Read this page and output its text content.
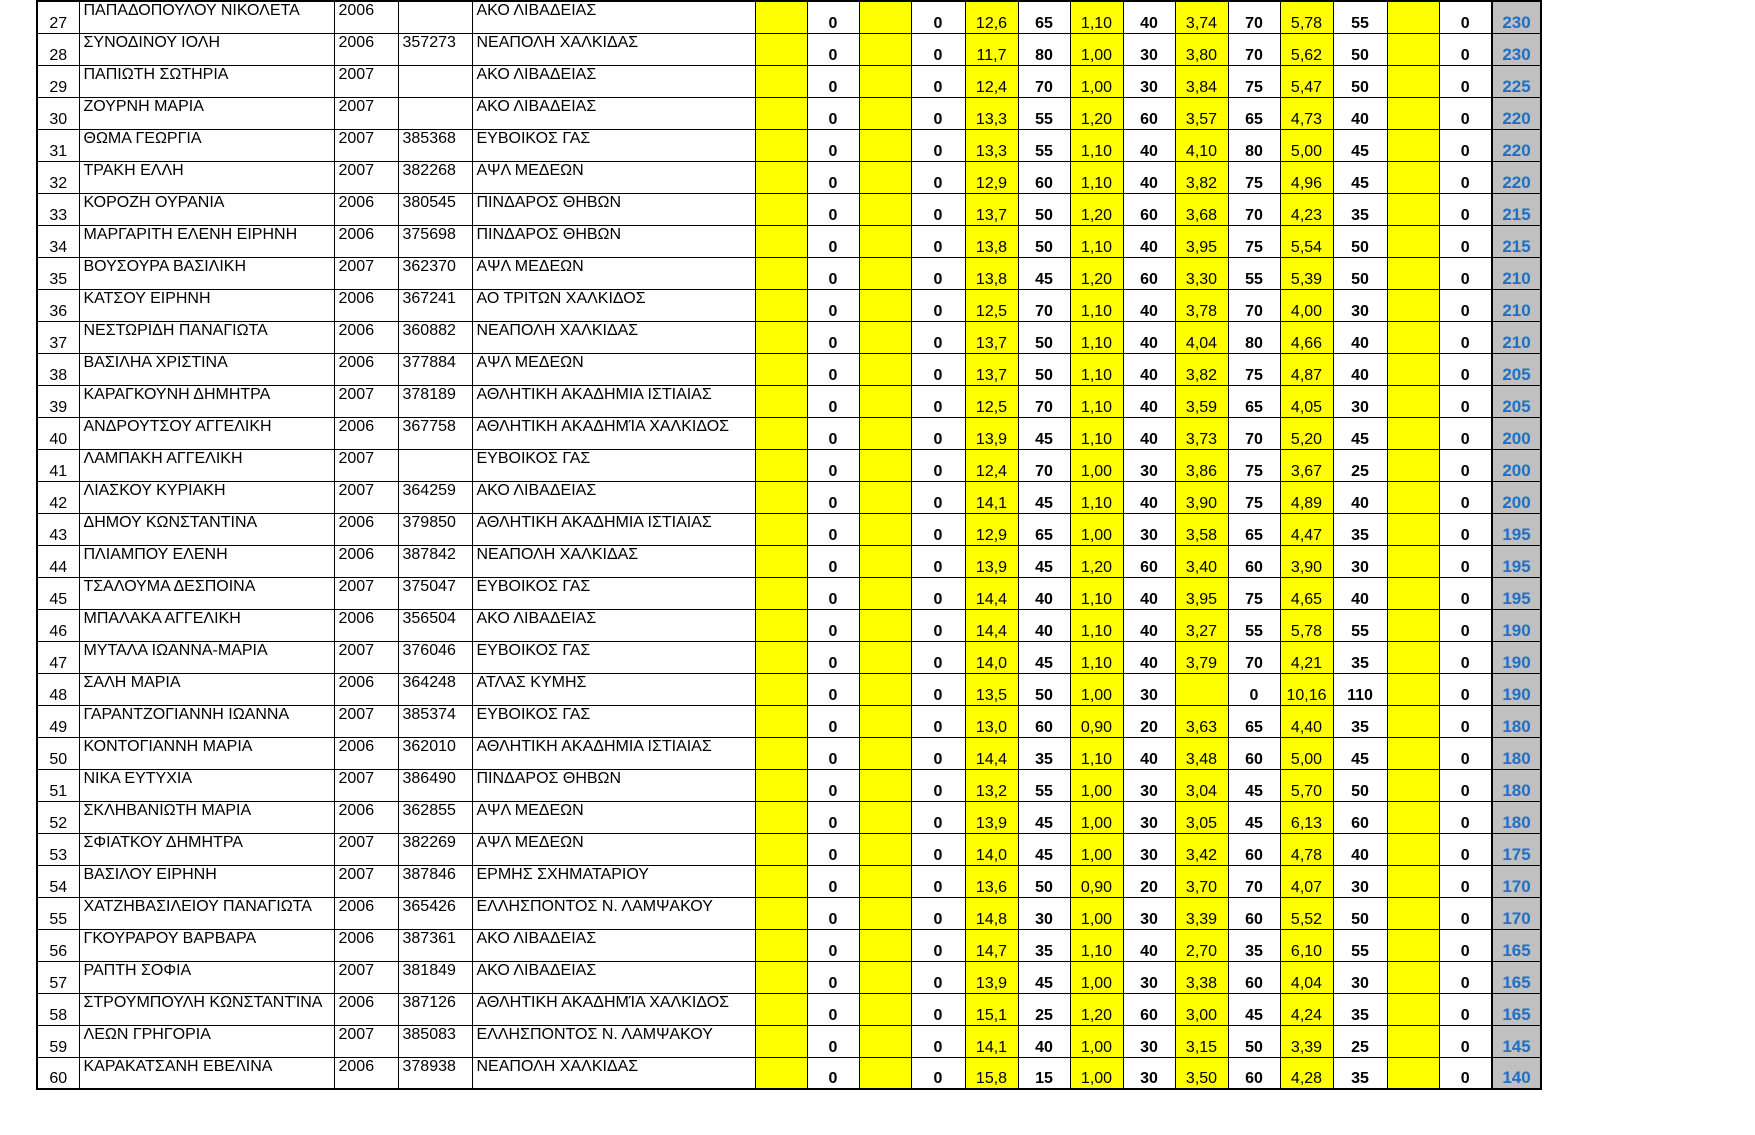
27	ΠΑΠΑΔΟΠΟΥΛΟΥ ΝΙΚΟΛΕΤΑ	2006		ΑΚΟ ΛΙΒΑΔΕΙΑΣ		0		0	12,6	65	1,10	40	3,74	70	5,78	55		0	230
28	ΣΥΝΟΔΙΝΟΥ ΙΟΛΗ	2006	357273	ΝΕΑΠΟΛΗ ΧΑΛΚΙΔΑΣ		0		0	11,7	80	1,00	30	3,80	70	5,62	50		0	230
29	ΠΑΠΙΩΤΗ ΣΩΤΗΡΙΑ	2007		ΑΚΟ ΛΙΒΑΔΕΙΑΣ		0		0	12,4	70	1,00	30	3,84	75	5,47	50		0	225
30	ΖΟΥΡΝΗ ΜΑΡΙΑ	2007		ΑΚΟ ΛΙΒΑΔΕΙΑΣ		0		0	13,3	55	1,20	60	3,57	65	4,73	40		0	220
31	ΘΩΜΑ ΓΕΩΡΓΙΑ	2007	385368	ΕΥΒΟΙΚΟΣ ΓΑΣ		0		0	13,3	55	1,10	40	4,10	80	5,00	45		0	220
32	ΤΡΑΚΗ ΕΛΛΗ	2007	382268	ΑΨΛ ΜΕΔΕΩΝ		0		0	12,9	60	1,10	40	3,82	75	4,96	45		0	220
33	ΚΟΡΟΖΗ ΟΥΡΑΝΙΑ	2006	380545	ΠΙΝΔΑΡΟΣ ΘΗΒΩΝ		0		0	13,7	50	1,20	60	3,68	70	4,23	35		0	215
34	ΜΑΡΓΑΡΙΤΗ ΕΛΕΝΗ ΕΙΡΗΝΗ	2006	375698	ΠΙΝΔΑΡΟΣ ΘΗΒΩΝ		0		0	13,8	50	1,10	40	3,95	75	5,54	50		0	215
35	ΒΟΥΣΟΥΡΑ ΒΑΣΙΛΙΚΗ	2007	362370	ΑΨΛ ΜΕΔΕΩΝ		0		0	13,8	45	1,20	60	3,30	55	5,39	50		0	210
36	ΚΑΤΣΟΥ ΕΙΡΗΝΗ	2006	367241	ΑΟ ΤΡΙΤΩΝ ΧΑΛΚΙΔΟΣ		0		0	12,5	70	1,10	40	3,78	70	4,00	30		0	210
37	ΝΕΣΤΩΡΙΔΗ ΠΑΝΑΓΙΩΤΑ	2006	360882	ΝΕΑΠΟΛΗ ΧΑΛΚΙΔΑΣ		0		0	13,7	50	1,10	40	4,04	80	4,66	40		0	210
38	ΒΑΣΙΛΗΑ ΧΡΙΣΤΙΝΑ	2006	377884	ΑΨΛ ΜΕΔΕΩΝ		0		0	13,7	50	1,10	40	3,82	75	4,87	40		0	205
39	ΚΑΡΑΓΚΟΥΝΗ ΔΗΜΗΤΡΑ	2007	378189	ΑΘΛΗΤΙΚΗ ΑΚΑΔΗΜΙΑ ΙΣΤΙΑΙΑΣ		0		0	12,5	70	1,10	40	3,59	65	4,05	30		0	205
40	ΑΝΔΡΟΥΤΣΟΥ ΑΓΓΕΛΙΚΗ	2006	367758	ΑΘΛΗΤΙΚΗ ΑΚΑΔΗΜΊΑ ΧΑΛΚΙΔΟΣ		0		0	13,9	45	1,10	40	3,73	70	5,20	45		0	200
41	ΛΑΜΠΑΚΗ ΑΓΓΕΛΙΚΗ	2007		ΕΥΒΟΙΚΟΣ ΓΑΣ		0		0	12,4	70	1,00	30	3,86	75	3,67	25		0	200
42	ΛΙΑΣΚΟΥ ΚΥΡΙΑΚΗ	2007	364259	ΑΚΟ ΛΙΒΑΔΕΙΑΣ		0		0	14,1	45	1,10	40	3,90	75	4,89	40		0	200
43	ΔΗΜΟΥ ΚΩΝΣΤΑΝΤΙΝΑ	2006	379850	ΑΘΛΗΤΙΚΗ ΑΚΑΔΗΜΙΑ ΙΣΤΙΑΙΑΣ		0		0	12,9	65	1,00	30	3,58	65	4,47	35		0	195
44	ΠΛΙΑΜΠΟΥ ΕΛΕΝΗ	2006	387842	ΝΕΑΠΟΛΗ ΧΑΛΚΙΔΑΣ		0		0	13,9	45	1,20	60	3,40	60	3,90	30		0	195
45	ΤΣΑΛΟΥΜΑ ΔΕΣΠΟΙΝΑ	2007	375047	ΕΥΒΟΙΚΟΣ ΓΑΣ		0		0	14,4	40	1,10	40	3,95	75	4,65	40		0	195
46	ΜΠΑΛΑΚΑ ΑΓΓΕΛΙΚΗ	2006	356504	ΑΚΟ ΛΙΒΑΔΕΙΑΣ		0		0	14,4	40	1,10	40	3,27	55	5,78	55		0	190
47	ΜΥΤΑΛΑ ΙΩΑΝΝΑ-ΜΑΡΙΑ	2007	376046	ΕΥΒΟΙΚΟΣ ΓΑΣ		0		0	14,0	45	1,10	40	3,79	70	4,21	35		0	190
48	ΣΑΛΗ ΜΑΡΙΑ	2006	364248	ΑΤΛΑΣ ΚΥΜΗΣ		0		0	13,5	50	1,00	30		0	10,16	110		0	190
49	ΓΑΡΑΝΤΖΟΓΙΑΝΝΗ ΙΩΑΝΝΑ	2007	385374	ΕΥΒΟΙΚΟΣ ΓΑΣ		0		0	13,0	60	0,90	20	3,63	65	4,40	35		0	180
50	ΚΟΝΤΟΓΙΑΝΝΗ ΜΑΡΙΑ	2006	362010	ΑΘΛΗΤΙΚΗ ΑΚΑΔΗΜΙΑ ΙΣΤΙΑΙΑΣ		0		0	14,4	35	1,10	40	3,48	60	5,00	45		0	180
51	ΝΙΚΑ ΕΥΤΥΧΙΑ	2007	386490	ΠΙΝΔΑΡΟΣ ΘΗΒΩΝ		0		0	13,2	55	1,00	30	3,04	45	5,70	50		0	180
52	ΣΚΛΗΒΑΝΙΩΤΗ ΜΑΡΙΑ	2006	362855	ΑΨΛ ΜΕΔΕΩΝ		0		0	13,9	45	1,00	30	3,05	45	6,13	60		0	180
53	ΣΦΙΑΤΚΟΥ ΔΗΜΗΤΡΑ	2007	382269	ΑΨΛ ΜΕΔΕΩΝ		0		0	14,0	45	1,00	30	3,42	60	4,78	40		0	175
54	ΒΑΣΙΛΟΥ ΕΙΡΗΝΗ	2007	387846	ΕΡΜΗΣ ΣΧΗΜΑΤΑΡΙΟΥ		0		0	13,6	50	0,90	20	3,70	70	4,07	30		0	170
55	ΧΑΤΖΗΒΑΣΙΛΕΙΟΥ ΠΑΝΑΓΙΩΤΑ	2006	365426	ΕΛΛΗΣΠΟΝΤΟΣ Ν. ΛΑΜΨΑΚΟΥ		0		0	14,8	30	1,00	30	3,39	60	5,52	50		0	170
56	ΓΚΟΥΡΑΡΟΥ ΒΑΡΒΑΡΑ	2006	387361	ΑΚΟ ΛΙΒΑΔΕΙΑΣ		0		0	14,7	35	1,10	40	2,70	35	6,10	55		0	165
57	ΡΑΠΤΗ ΣΟΦΙΑ	2007	381849	ΑΚΟ ΛΙΒΑΔΕΙΑΣ		0		0	13,9	45	1,00	30	3,38	60	4,04	30		0	165
58	ΣΤΡΟΥΜΠΟΥΛΗ ΚΩΝΣΤΑΝΤΊΝΑ	2006	387126	ΑΘΛΗΤΙΚΗ ΑΚΑΔΗΜΊΑ ΧΑΛΚΙΔΟΣ		0		0	15,1	25	1,20	60	3,00	45	4,24	35		0	165
59	ΛΕΩΝ ΓΡΗΓΟΡΙΑ	2007	385083	ΕΛΛΗΣΠΟΝΤΟΣ Ν. ΛΑΜΨΑΚΟΥ		0		0	14,1	40	1,00	30	3,15	50	3,39	25		0	145
60	ΚΑΡΑΚΑΤΣΑΝΗ ΕΒΕΛΙΝΑ	2006	378938	ΝΕΑΠΟΛΗ ΧΑΛΚΙΔΑΣ		0		0	15,8	15	1,00	30	3,50	60	4,28	35		0	140
